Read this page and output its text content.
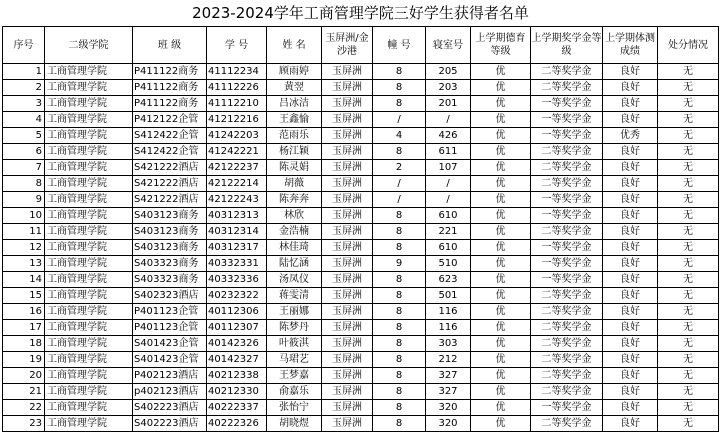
2023-2024学年工商管理学院三好学生获得者名单
序号	二级学院	班 级	学 号	姓 名	玉屏洲/金沙港	幢 号	寝室号	上学期德育等级	上学期奖学金等级	上学期体测成绩	处分情况
1	工商管理学院	P411122商务	41112234	顾雨婷	玉屏洲	8	205	优	二等奖学金	良好	无
2	工商管理学院	P411122商务	41112226	黄翌	玉屏洲	8	203	优	二等奖学金	良好	无
3	工商管理学院	P411122商务	41112210	吕冰洁	玉屏洲	8	201	优	一等奖学金	良好	无
4	工商管理学院	P412122企管	41212216	王鑫愉	玉屏洲	/	/	优	一等奖学金	良好	无
5	工商管理学院	S412422企管	41242203	范雨乐	玉屏洲	4	426	优	一等奖学金	优秀	无
6	工商管理学院	S412422企管	41242221	杨江颖	玉屏洲	8	611	优	二等奖学金	良好	无
7	工商管理学院	S421222酒店	42122237	陈灵娟	玉屏洲	2	107	优	二等奖学金	良好	无
8	工商管理学院	S421222酒店	42122214	胡薇	玉屏洲	/	/	优	二等奖学金	良好	无
9	工商管理学院	S421222酒店	42122243	陈奔奔	玉屏洲	/	/	优	一等奖学金	良好	无
10	工商管理学院	S403123商务	40312313	林欣	玉屏洲	8	610	优	一等奖学金	良好	无
11	工商管理学院	S403123商务	40312314	金浩楠	玉屏洲	8	221	优	二等奖学金	良好	无
12	工商管理学院	S403123商务	40312317	林佳琦	玉屏洲	8	610	优	一等奖学金	良好	无
13	工商管理学院	S403323商务	40332331	陆忆涵	玉屏洲	9	510	优	一等奖学金	良好	无
14	工商管理学院	S403323商务	40332336	汤凤仪	玉屏洲	8	623	优	一等奖学金	良好	无
15	工商管理学院	S402323酒店	40232322	蒋雯清	玉屏洲	8	501	优	二等奖学金	良好	无
16	工商管理学院	P401123企管	40112306	王丽娜	玉屏洲	8	116	优	二等奖学金	良好	无
17	工商管理学院	P401123企管	40112307	陈梦丹	玉屏洲	8	116	优	二等奖学金	良好	无
18	工商管理学院	S401423企管	40142326	叶筱淇	玉屏洲	8	303	优	二等奖学金	良好	无
19	工商管理学院	S401423企管	40142327	马珺艺	玉屏洲	8	212	优	二等奖学金	良好	无
20	工商管理学院	P402123酒店	40212338	王梦嘉	玉屏洲	8	327	优	二等奖学金	良好	无
21	工商管理学院	p402123酒店	40212330	俞嘉乐	玉屏洲	8	327	优	二等奖学金	良好	无
22	工商管理学院	S402223酒店	40222337	张怡宁	玉屏洲	8	320	优	一等奖学金	良好	无
23	工商管理学院	S402223酒店	40222326	胡晓煜	玉屏洲	8	320	优	二等奖学金	良好	无
